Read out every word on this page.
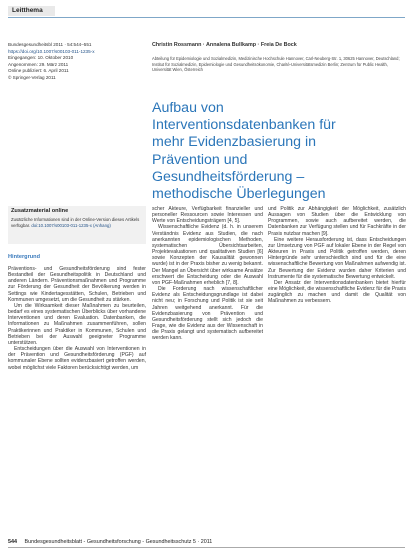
Leitthema
Bundesgesundheitsbl 2011 · 54:544–551
https://doi.org/10.1007/s00103-011-1235-x
Eingegangen: 10. Oktober 2010
Angenommen: 29. März 2011
Online publiziert: 6. April 2011
© Springer-Verlag 2011
Christin Rossmann · Annalena Bullkamp · Freia De Bock
Abteilung für Epidemiologie und Sozialmedizin, Medizinische Hochschule Hannover, Carl-Neuberg-Str. 1, 30625 Hannover, Deutschland; Institut für Sozialmedizin, Epidemiologie und Gesundheitsökonomie, Charité-Universitätsmedizin Berlin; Zentrum für Public Health, Universität Wien, Österreich
Aufbau von
Interventionsdatenbanken für
mehr Evidenzbasierung in
Prävention und
Gesundheitsförderung –
methodische Überlegungen
Zusatzmaterial online
Zusätzliche Informationen sind in der Online-Version dieses Artikels verfügbar. doi:10.1007/s00103-011-1235-x (Anhang)
Hintergrund

Präventions- und Gesundheitsförderung sind fester Bestandteil der Gesundheitspolitik in Deutschland und anderen Ländern. Präventionsmaßnahmen und Programme zur Förderung der Gesundheit der Bevölkerung werden in Settings wie Kindertagesstätten, Schulen, Betrieben und Kommunen umgesetzt, um die Gesundheit zu stärken.

Um die Wirksamkeit dieser Maßnahmen zu beurteilen, bedarf es eines systematischen Überblicks über vorhandene Interventionen und deren Evaluation. Datenbanken, die Informationen zu Maßnahmen zusammenführen, sollen Praktikerinnen und Praktiker in Kommunen, Schulen und Betrieben bei der Auswahl geeigneter Programme unterstützen.

Entscheidungen über die Auswahl von Interventionen in der Prävention und Gesundheitsförderung (PGF) auf kommunaler Ebene sollten evidenzbasiert getroffen werden, wobei möglichst viele Faktoren berücksichtigt werden, um

scher Akteure, Verfügbarkeit finanzieller und personeller Ressourcen sowie Interessen und Werte von Entscheidungsträgern [4, 5].

Wissenschaftliche Evidenz (d. h. in unserem Verständnis Evidenz aus Studien, die nach anerkannten epidemiologischen Methoden, systematischen Übersichtsarbeiten, Projektevaluationen und qualitativen Studien [6] sowie Konzepten der Kausalität gewonnen wurde) ist in der Praxis bisher zu wenig bekannt. Der Mangel an Übersicht über wirksame Ansätze erschwert die Entscheidung oder die Auswahl von PGF-Maßnahmen erheblich [7, 8].

Die Forderung nach wissenschaftlicher Evidenz als Entscheidungsgrundlage ist dabei nicht neu; in Forschung und Politik ist sie seit Jahren weitgehend anerkannt. Für die Evidenzbasierung von Prävention und Gesundheitsförderung stellt sich jedoch die Frage, wie die Evidenz aus der Wissenschaft in die Praxis gelangt und systematisch aufbereitet werden kann.

und Politik zur Abhängigkeit der Möglichkeit, zusätzlich Aussagen von Studien über die Entwicklung von Programmen, sowie auch aufbereitet werden, die Datenbanken zur Verfügung stellen und für Fachkräfte in der Praxis nutzbar machen [9].

Eine weitere Herausforderung ist, dass Entscheidungen zur Umsetzung von PGF auf lokaler Ebene in der Regel von Akteuren in Praxis und Politik getroffen werden, deren Hintergründe sehr unterschiedlich sind und für die eine wissenschaftliche Bewertung von Maßnahmen aufwendig ist. Zur Bewertung der Evidenz wurden daher Kriterien und Instrumente für die systematische Bewertung entwickelt.

Der Ansatz der Interventionsdatenbanken bietet hierfür eine Möglichkeit, die wissenschaftliche Evidenz für die Praxis zugänglich zu machen und damit die Qualität von Maßnahmen zu verbessern.

544 Bundesgesundheitsblatt - Gesundheitsforschung - Gesundheitsschutz 5 · 2011
